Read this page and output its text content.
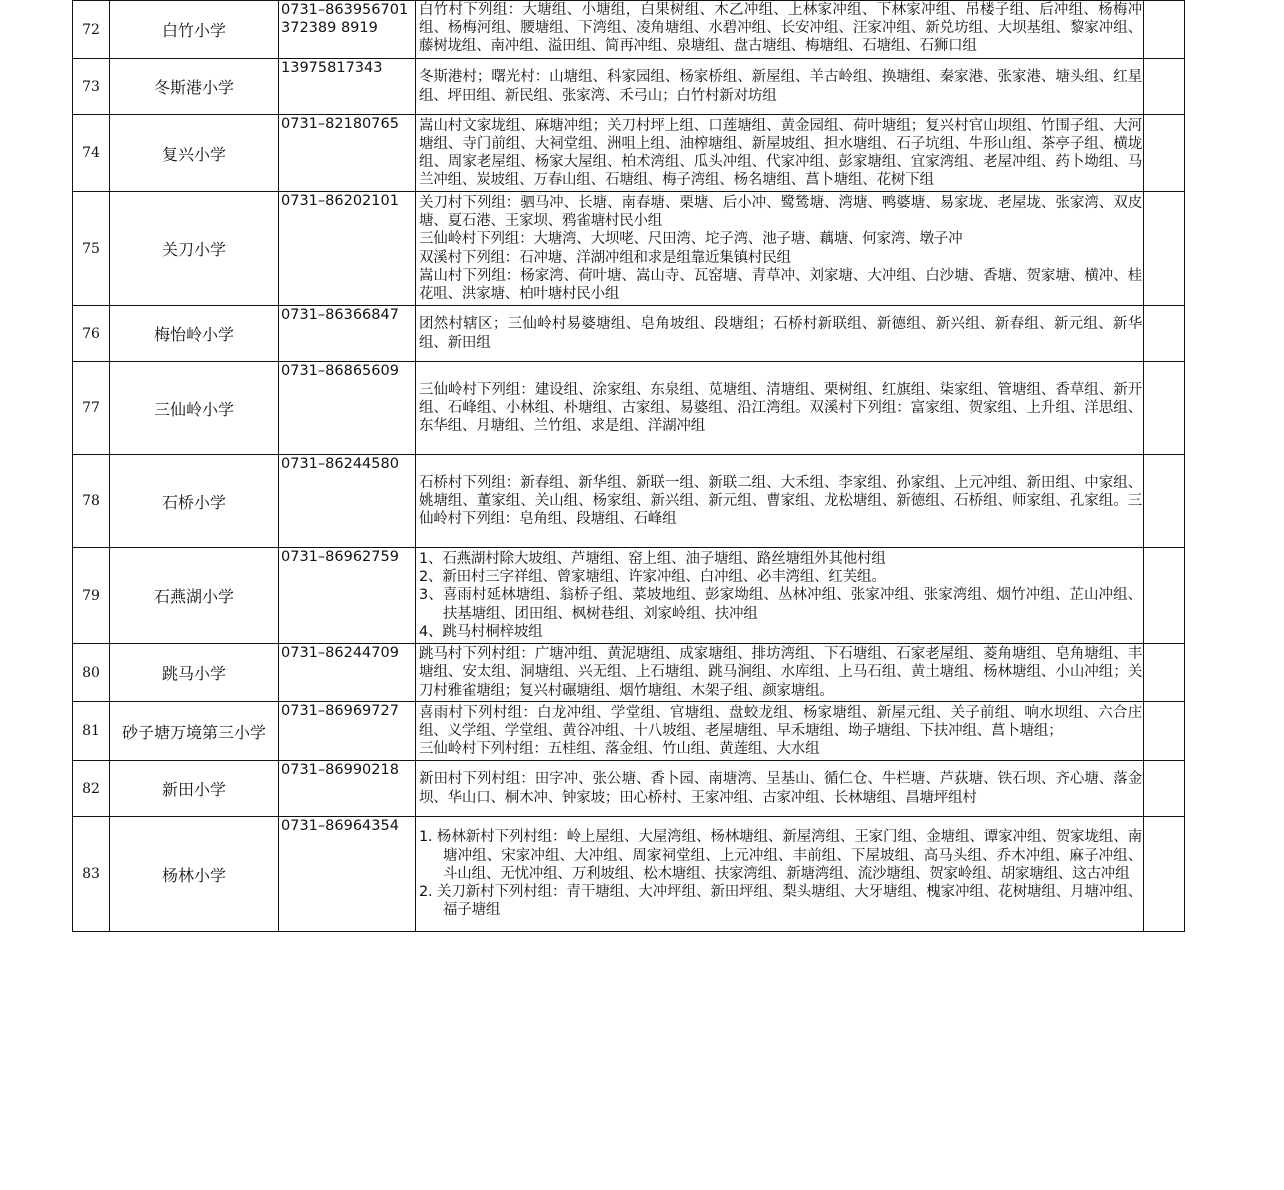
72	白竹小学	0731–863956701372389 8919	白竹村下列组：大塘组、小塘组，白果树组、木乙冲组、上林家冲组、下林家冲组、吊楼子组、后冲组、杨梅冲组、杨梅河组、腰塘组、下湾组、凌角塘组、水碧冲组、长安冲组、汪家冲组、新兑坊组、大坝基组、黎家冲组、藤树垅组、南冲组、溢田组、简再冲组、泉塘组、盘古塘组、梅塘组、石塘组、石狮口组	
73	冬斯港小学	13975817343	冬斯港村；曙光村：山塘组、科家园组、杨家桥组、新屋组、羊古岭组、换塘组、秦家港、张家港、塘头组、红星组、坪田组、新民组、张家湾、禾弓山；白竹村新对坊组	
74	复兴小学	0731–82180765	嵩山村文家垅组、麻塘冲组；关刀村坪上组、口莲塘组、黄金园组、荷叶塘组；复兴村官山坝组、竹围子组、大河塘组、寺门前组、大祠堂组、洲咀上组、油榨塘组、新屋坡组、担水塘组、石子坑组、牛形山组、茶亭子组、横垅组、周家老屋组、杨家大屋组、柏术湾组、瓜头冲组、代家冲组、彭家塘组、宜家湾组、老屋冲组、药卜坳组、马兰冲组、炭坡组、万春山组、石塘组、梅子湾组、杨名塘组、菖卜塘组、花树下组	
75	关刀小学	0731–86202101	关刀村下列组：驷马冲、长塘、南春塘、栗塘、后小冲、鹭鸶塘、湾塘、鸭婆塘、易家垅、老屋垅、张家湾、双皮塘、夏石港、王家坝、鸦雀塘村民小组
三仙岭村下列组：大塘湾、大坝咾、尺田湾、坨子湾、池子塘、藕塘、何家湾、墩子冲
双溪村下列组：石冲塘、洋湖冲组和求是组靠近集镇村民组
嵩山村下列组：杨家湾、荷叶塘、嵩山寺、瓦窑塘、青草冲、刘家塘、大冲组、白沙塘、香塘、贺家塘、横冲、桂花咀、洪家塘、柏叶塘村民小组	

76	梅怡岭小学	0731–86366847	团然村辖区；三仙岭村易婆塘组、皂角坡组、段塘组；石桥村新联组、新德组、新兴组、新春组、新元组、新华组、新田组	
77	三仙岭小学	0731–86865609	三仙岭村下列组：建设组、涂家组、东泉组、苋塘组、清塘组、栗树组、红旗组、柒家组、管塘组、香草组、新开组、石峰组、小林组、朴塘组、古家组、易婆组、沿江湾组。双溪村下列组：富家组、贺家组、上升组、洋思组、东华组、月塘组、兰竹组、求是组、洋湖冲组	
78	石桥小学	0731–86244580	石桥村下列组：新春组、新华组、新联一组、新联二组、大禾组、李家组、孙家组、上元冲组、新田组、中家组、姚塘组、董家组、关山组、杨家组、新兴组、新元组、曹家组、龙松塘组、新德组、石桥组、师家组、孔家组。三仙岭村下列组：皂角组、段塘组、石峰组	
79	石燕湖小学	0731–86962759	1、石燕湖村除大坡组、芦塘组、窑上组、油子塘组、路丝塘组外其他村组
2、新田村三字祥组、曾家塘组、许家冲组、白冲组、必丰湾组、红芙组。
3、喜雨村延林塘组、翁桥子组、菜坡地组、彭家坳组、丛林冲组、张家冲组、张家湾组、烟竹冲组、芷山冲组、扶基塘组、团田组、枫树巷组、刘家岭组、扶冲组
4、跳马村桐梓坡组	

80	跳马小学	0731–86244709	跳马村下列村组：广塘冲组、黄泥塘组、成家塘组、排坊湾组、下石塘组、石家老屋组、菱角塘组、皂角塘组、丰塘组、安太组、洞塘组、兴无组、上石塘组、跳马涧组、水库组、上马石组、黄土塘组、杨林塘组、小山冲组；关刀村雅雀塘组；复兴村碾塘组、烟竹塘组、木架子组、颜家塘组。	
81	砂子塘万境第三小学	0731–86969727	喜雨村下列村组：白龙冲组、学堂组、官塘组、盘蛟龙组、杨家塘组、新屋元组、关子前组、响水坝组、六合庄组、义学组、学堂组、黄谷冲组、十八坡组、老屋塘组、早禾塘组、坳子塘组、下扶冲组、菖卜塘组；
三仙岭村下列村组：五桂组、落金组、竹山组、黄莲组、大水组	

82	新田小学	0731–86990218	新田村下列村组：田字冲、张公塘、香卜园、南塘湾、呈基山、循仁仓、牛栏塘、芦荻塘、铁石坝、齐心塘、落金坝、华山口、桐木冲、钟家坡；田心桥村、王家冲组、古家冲组、长林塘组、昌塘坪组村	
83	杨林小学	0731–86964354	1. 杨林新村下列村组：岭上屋组、大屋湾组、杨林塘组、新屋湾组、王家门组、金塘组、谭家冲组、贺家垅组、南塘冲组、宋家冲组、大冲组、周家祠堂组、上元冲组、丰前组、下屋坡组、高马头组、乔木冲组、麻子冲组、斗山组、无忧冲组、万利坡组、松木塘组、扶家湾组、新塘湾组、流沙塘组、贺家岭组、胡家塘组、这古冲组
2. 关刀新村下列村组：青干塘组、大冲坪组、新田坪组、梨头塘组、大牙塘组、槐家冲组、花树塘组、月塘冲组、福子塘组	
